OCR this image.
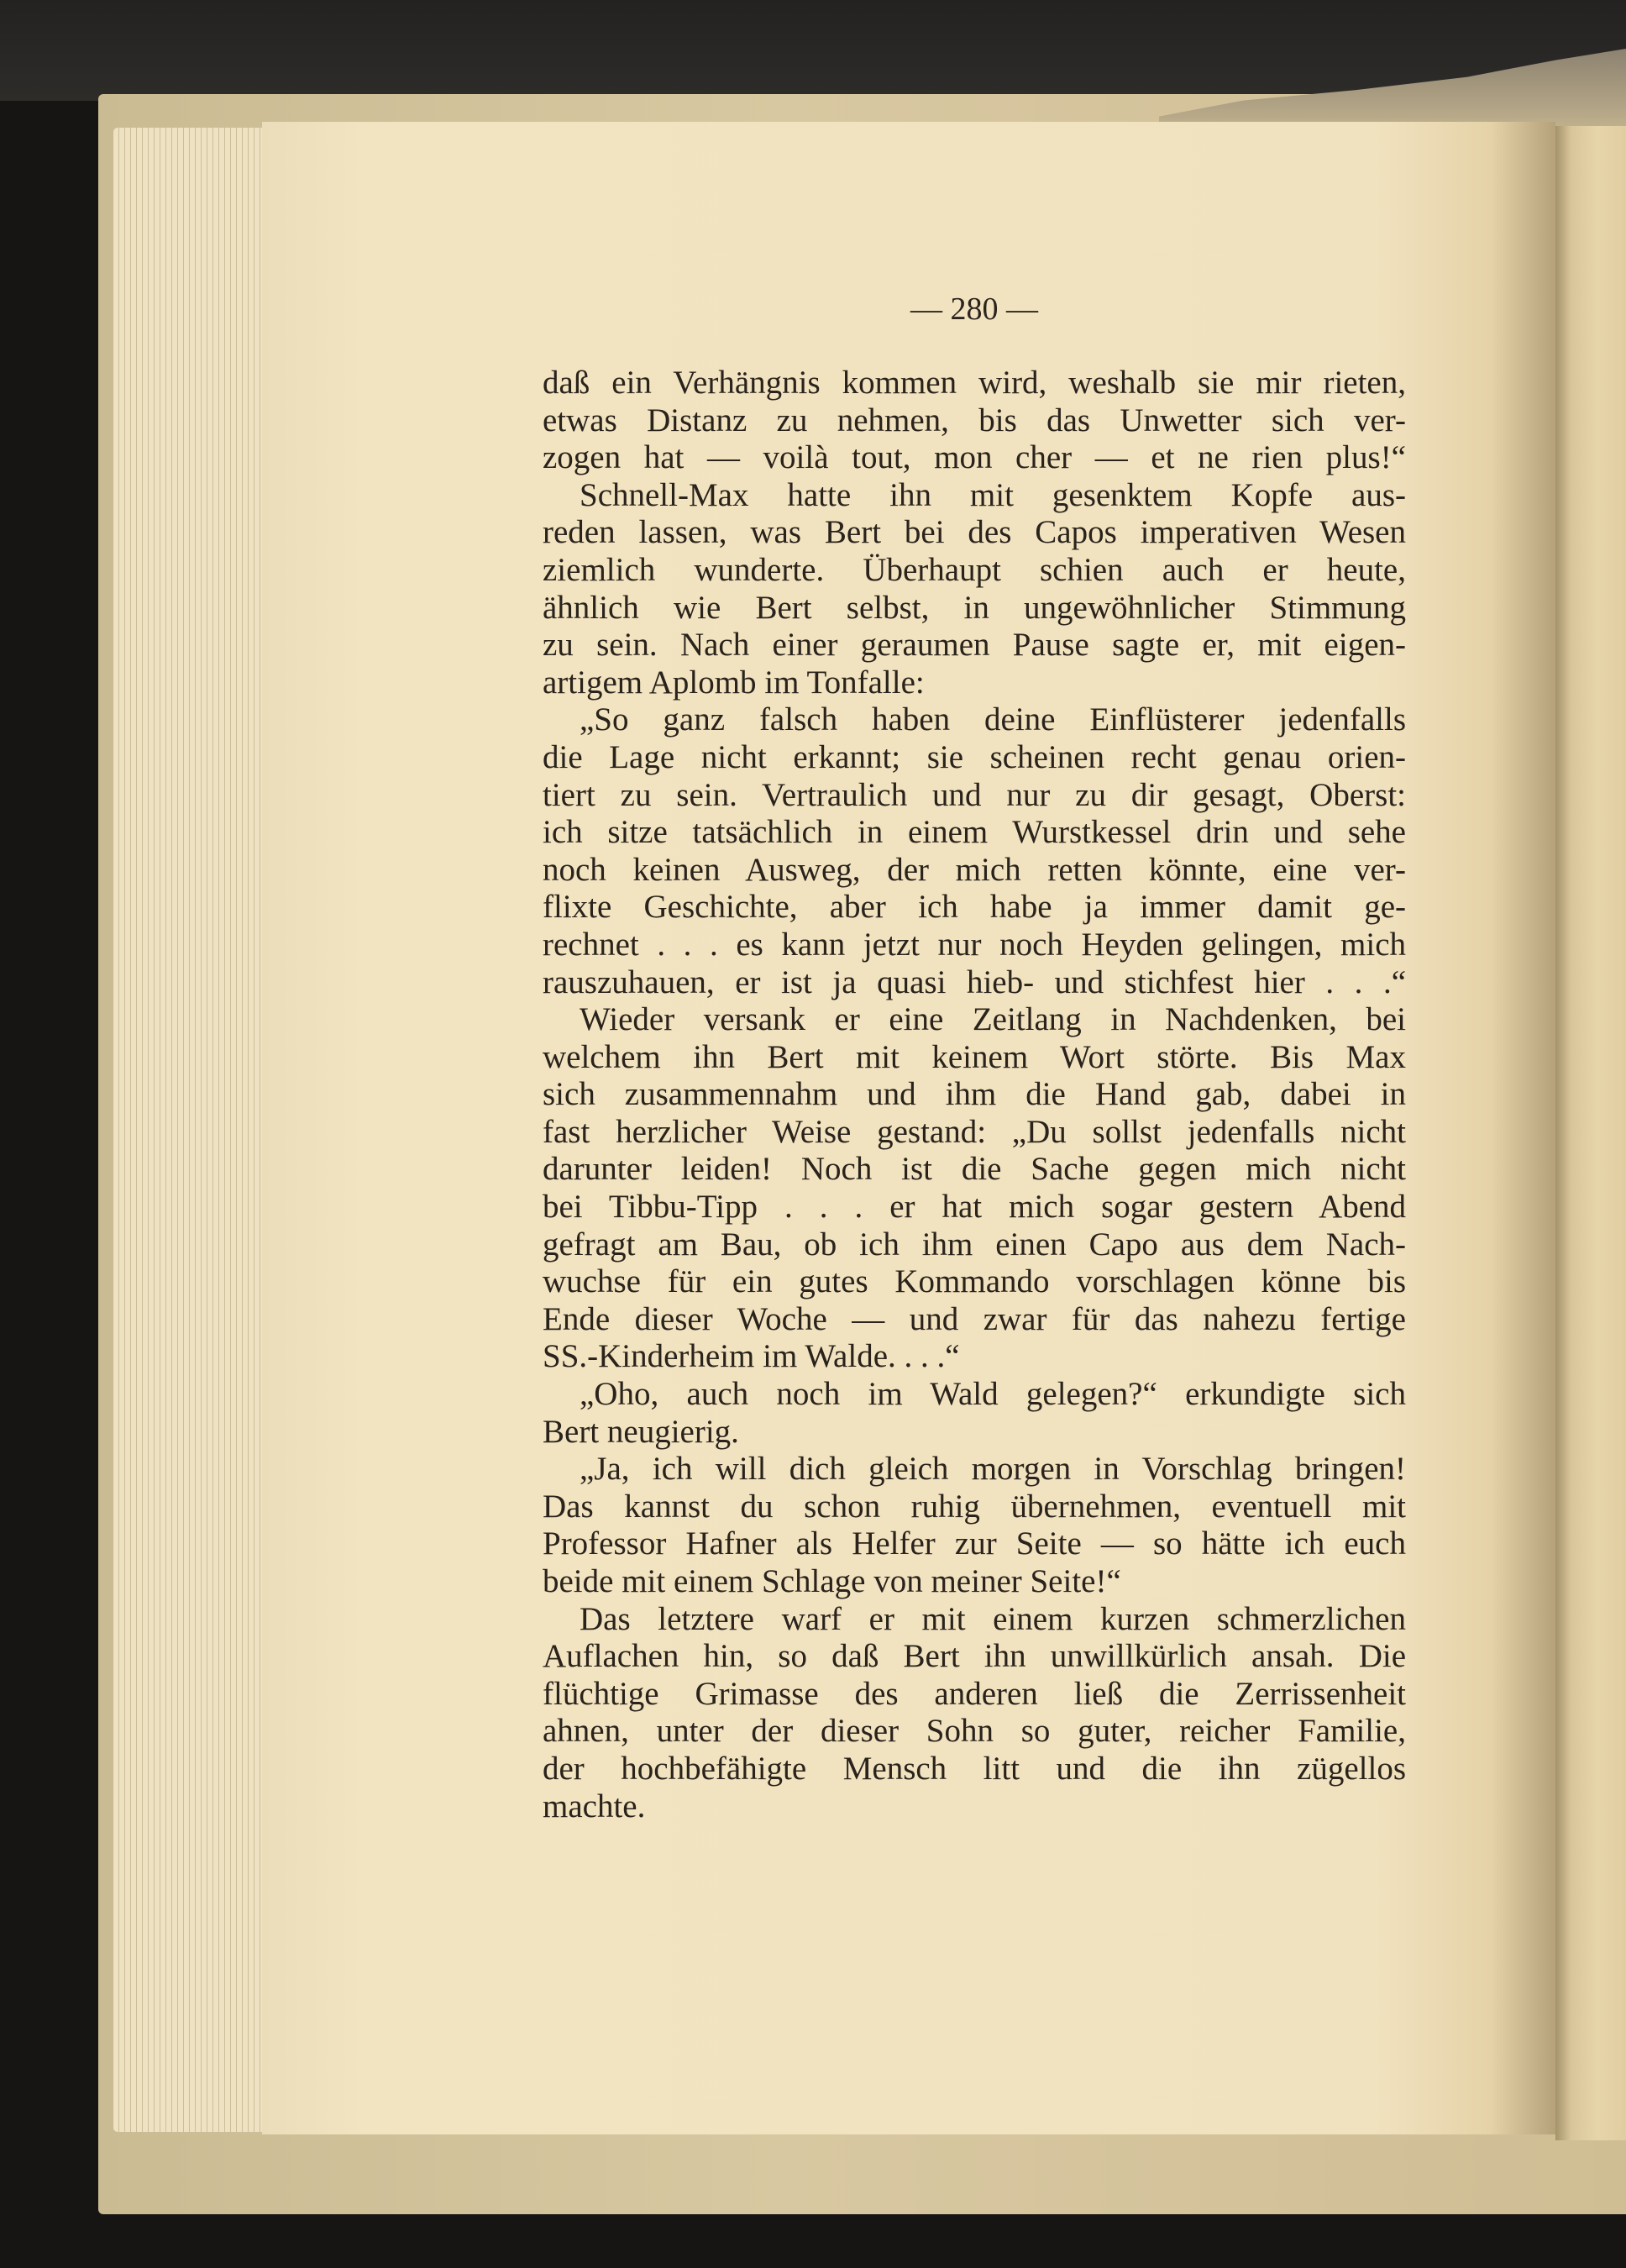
— 280 —
daß ein Verhängnis kommen wird, weshalb sie mir rieten,
etwas Distanz zu nehmen, bis das Unwetter sich ver-
zogen hat — voilà tout, mon cher — et ne rien plus!“
Schnell-Max hatte ihn mit gesenktem Kopfe aus-
reden lassen, was Bert bei des Capos imperativen Wesen
ziemlich wunderte. Überhaupt schien auch er heute,
ähnlich wie Bert selbst, in ungewöhnlicher Stimmung
zu sein. Nach einer geraumen Pause sagte er, mit eigen-
artigem Aplomb im Tonfalle:
„So ganz falsch haben deine Einflüsterer jedenfalls
die Lage nicht erkannt; sie scheinen recht genau orien-
tiert zu sein. Vertraulich und nur zu dir gesagt, Oberst:
ich sitze tatsächlich in einem Wurstkessel drin und sehe
noch keinen Ausweg, der mich retten könnte, eine ver-
flixte Geschichte, aber ich habe ja immer damit ge-
rechnet . . . es kann jetzt nur noch Heyden gelingen, mich
rauszuhauen, er ist ja quasi hieb- und stichfest hier . . .“
Wieder versank er eine Zeitlang in Nachdenken, bei
welchem ihn Bert mit keinem Wort störte. Bis Max
sich zusammennahm und ihm die Hand gab, dabei in
fast herzlicher Weise gestand: „Du sollst jedenfalls nicht
darunter leiden! Noch ist die Sache gegen mich nicht
bei Tibbu-Tipp . . . er hat mich sogar gestern Abend
gefragt am Bau, ob ich ihm einen Capo aus dem Nach-
wuchse für ein gutes Kommando vorschlagen könne bis
Ende dieser Woche — und zwar für das nahezu fertige
SS.-Kinderheim im Walde. . . .“
„Oho, auch noch im Wald gelegen?“ erkundigte sich
Bert neugierig.
„Ja, ich will dich gleich morgen in Vorschlag bringen!
Das kannst du schon ruhig übernehmen, eventuell mit
Professor Hafner als Helfer zur Seite — so hätte ich euch
beide mit einem Schlage von meiner Seite!“
Das letztere warf er mit einem kurzen schmerzlichen
Auflachen hin, so daß Bert ihn unwillkürlich ansah. Die
flüchtige Grimasse des anderen ließ die Zerrissenheit
ahnen, unter der dieser Sohn so guter, reicher Familie,
der hochbefähigte Mensch litt und die ihn zügellos
machte.
